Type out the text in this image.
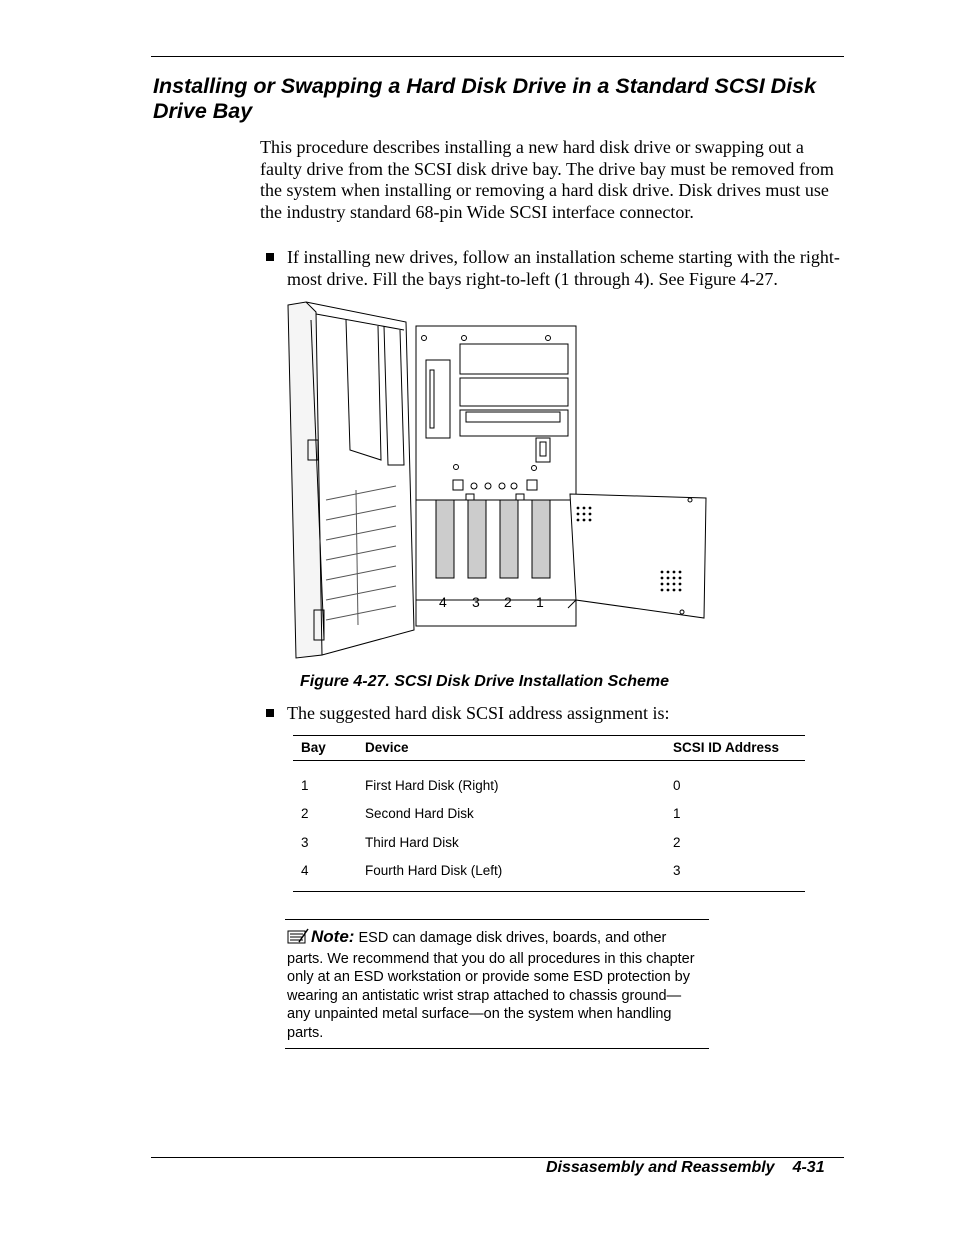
Installing or Swapping a Hard Disk Drive in a Standard SCSI Disk Drive Bay

This procedure describes installing a new hard disk drive or swapping out a faulty drive from the SCSI disk drive bay. The drive bay must be removed from the system when installing or removing a hard disk drive. Disk drives must use the industry standard 68-pin Wide SCSI interface connector.

If installing new drives, follow an installation scheme starting with the right-most drive. Fill the bays right-to-left (1 through 4). See Figure 4-27.
4 3 2 1
Figure 4-27. SCSI Disk Drive Installation Scheme
The suggested hard disk SCSI address assignment is:
Bay	Device	SCSI ID Address
1	First Hard Disk (Right)	0
2	Second Hard Disk	1
3	Third Hard Disk	2
4	Fourth Hard Disk (Left)	3
Note: ESD can damage disk drives, boards, and other parts. We recommend that you do all procedures in this chapter only at an ESD workstation or provide some ESD protection by wearing an antistatic wrist strap attached to chassis ground—any unpainted metal surface—on the system when handling parts.
Dissasembly and Reassembly 4-31
